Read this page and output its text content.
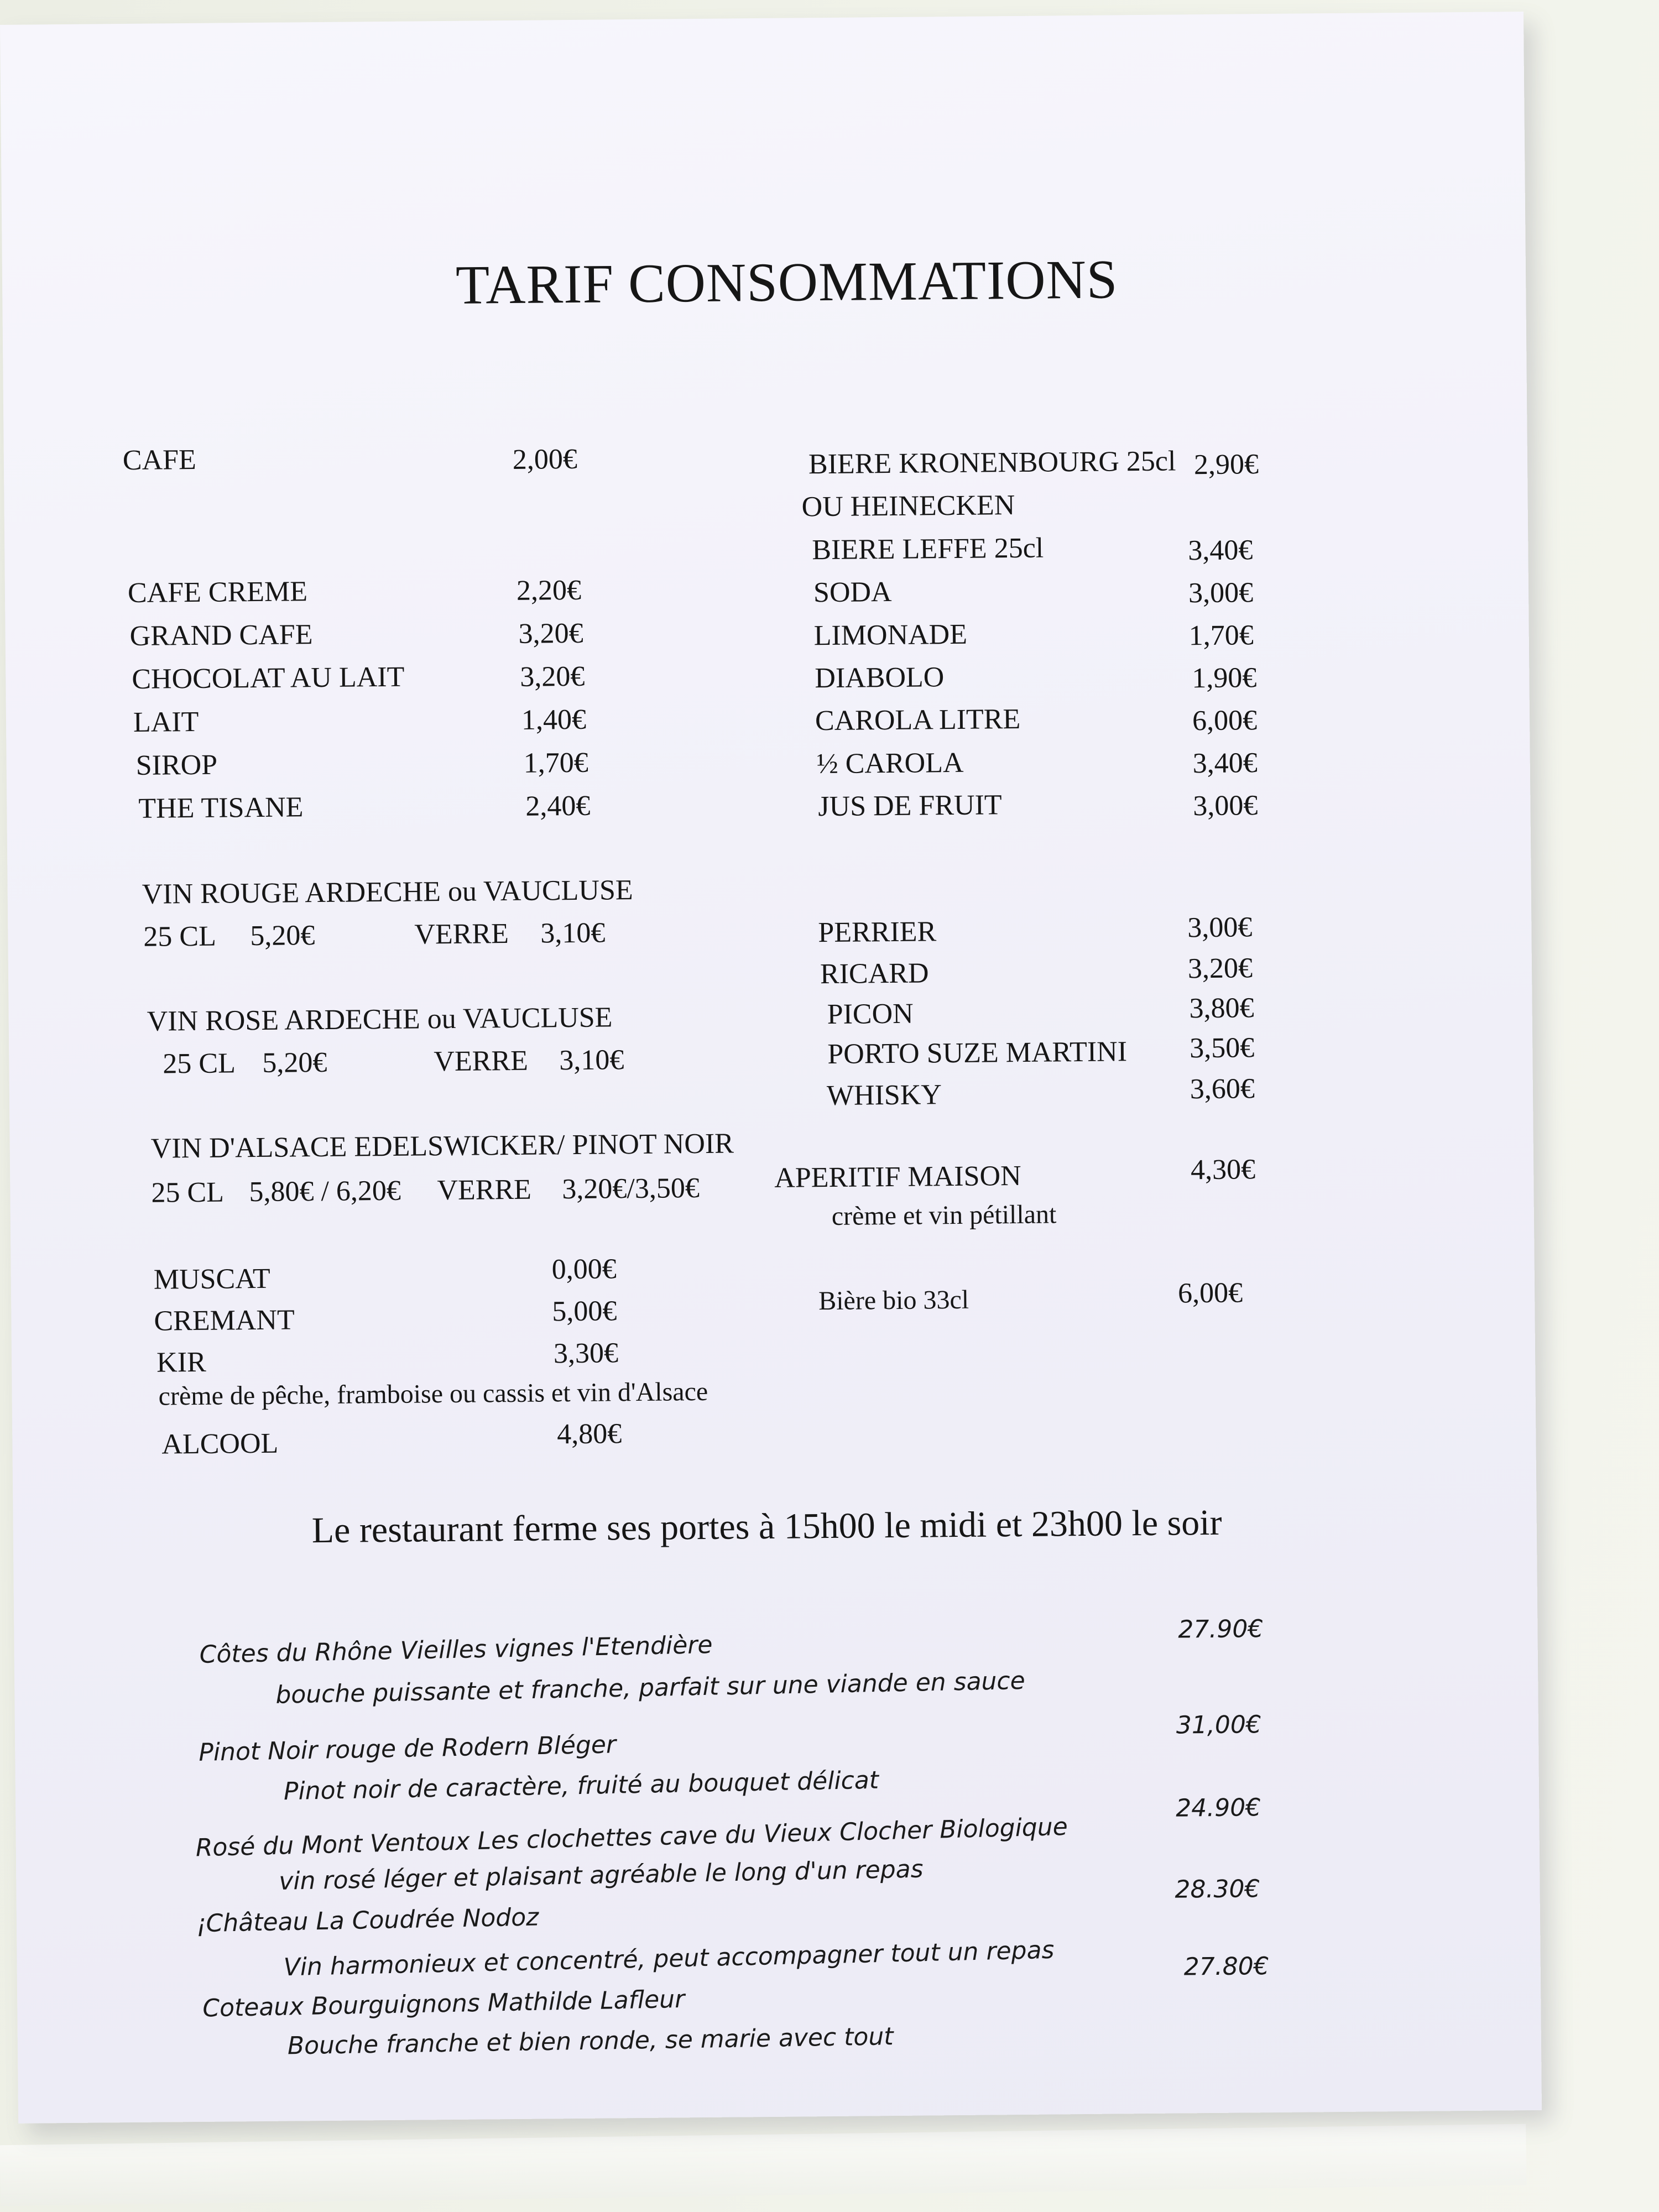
TARIF CONSOMMATIONS
CAFE	2,00€
CAFE CREME	2,20€
GRAND CAFE	3,20€
CHOCOLAT AU LAIT	3,20€
LAIT	1,40€
SIROP	1,70€
THE TISANE	2,40€
VIN ROUGE ARDECHE ou VAUCLUSE
25 CL 5,20€	VERRE 3,10€
VIN ROSE ARDECHE ou VAUCLUSE
25 CL 5,20€	VERRE 3,10€
VIN D'ALSACE EDELSWICKER/ PINOT NOIR
25 CL 5,80€ / 6,20€ VERRE 3,20€/3,50€
MUSCAT	0,00€
CREMANT	5,00€
KIR	3,30€
crème de pêche, framboise ou cassis et vin d'Alsace
ALCOOL	4,80€
BIERE KRONENBOURG 25cl 2,90€
OU HEINECKEN
BIERE LEFFE 25cl	3,40€
SODA	3,00€
LIMONADE	1,70€
DIABOLO	1,90€
CAROLA LITRE	6,00€
½ CAROLA	3,40€
JUS DE FRUIT	3,00€
PERRIER	3,00€
RICARD	3,20€
PICON	3,80€
PORTO SUZE MARTINI 3,50€
WHISKY	3,60€
APERITIF MAISON	4,30€
crème et vin pétillant
Bière bio 33cl	6,00€
Le restaurant ferme ses portes à 15h00 le midi et 23h00 le soir
Côtes du Rhône Vieilles vignes l'Etendière
bouche puissante et franche, parfait sur une viande en sauce
27.90€
Pinot Noir rouge de Rodern Bléger
Pinot noir de caractère, fruité au bouquet délicat
31,00€
Rosé du Mont Ventoux Les clochettes cave du Vieux Clocher Biologique
vin rosé léger et plaisant agréable le long d'un repas
24.90€
¡Château La Coudrée Nodoz
Vin harmonieux et concentré, peut accompagner tout un repas
28.30€
Coteaux Bourguignons Mathilde Lafleur
Bouche franche et bien ronde, se marie avec tout
27.80€
